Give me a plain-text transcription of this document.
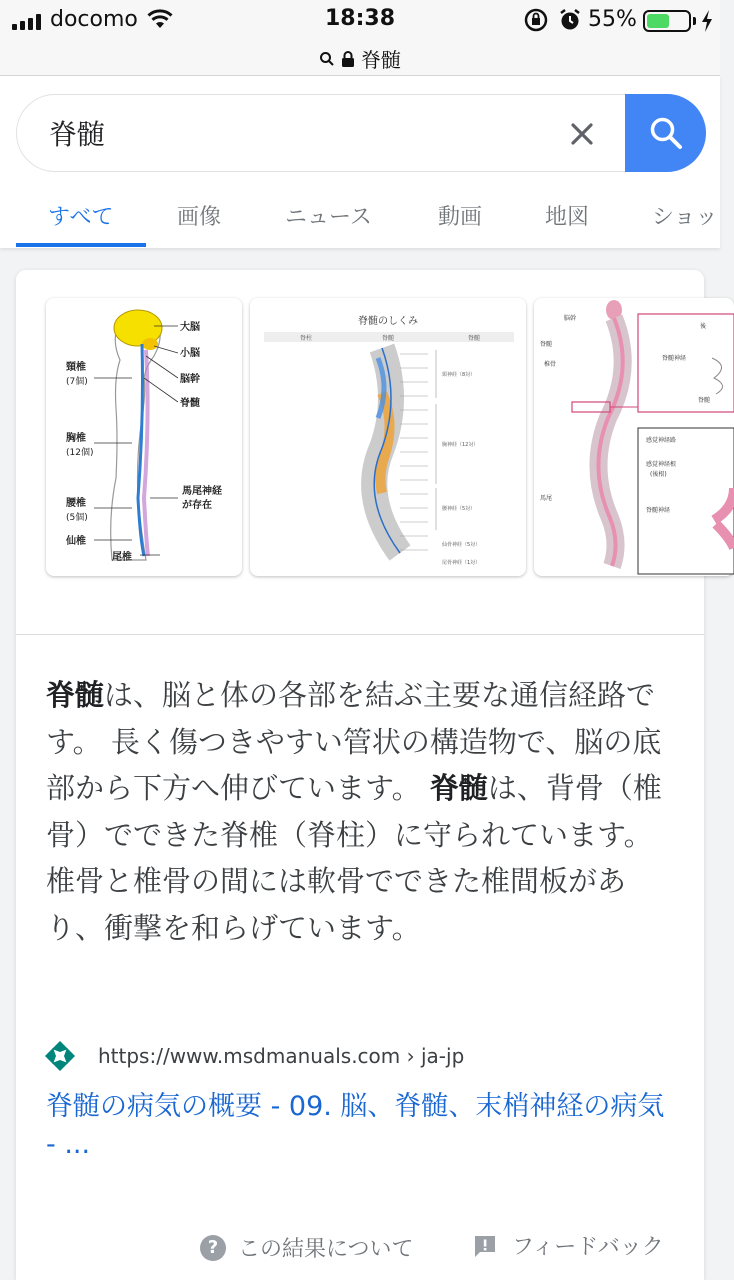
docomo	18:38	55%
脊髄
脊髄
すべて	画像	ニュース	動画	地図	ショッ
大脳
小脳
脳幹
脊髄
頸椎
(7個)
胸椎
(12個)
腰椎
(5個)
仙椎
尾椎
馬尾神経
が存在
脊髄のしくみ
脊柱	脊髄	脊髄
頸神経（8対）
胸神経（12対）
腰神経（5対）
仙骨神経（5対）
尾骨神経（1対）
脳幹
脊髄
椎骨
馬尾
後
脊髄神経
脊髄
感覚神経路
感覚神経根
(後根)
脊髄神経
脊髄は、脳と体の各部を結ぶ主要な通信経路です。 長く傷つきやすい管状の構造物で、脳の底部から下方へ伸びています。 脊髄は、背骨（椎骨）でできた脊椎（脊柱）に守られています。 椎骨と椎骨の間には軟骨でできた椎間板があり、衝撃を和らげています。
https://www.msdmanuals.com › ja-jp
脊髄の病気の概要 - 09. 脳、脊髄、末梢神経の病気 - ...
? この結果について	フィードバック
